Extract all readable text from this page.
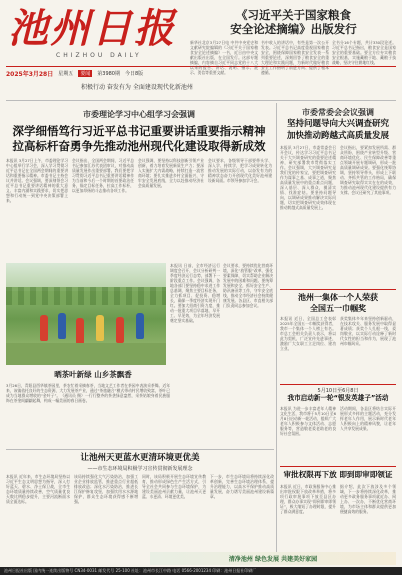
池州日报
CHIZHOU DAILY
2025年3月28日 星期五	要闻	第3980期 今日8版
积极行动 奋发有为 全面建设现代化新池州
《习近平关于国家粮食
安全论述摘编》出版发行
新华社北京3月27日电 中共中央党史和文献研究院编辑的《习近平关于国家粮食安全论述摘编》一书，近日由中央文献出版社出版，在全国发行。这部专题摘编，内容摘自习近平同志党的十八大以来的报告、讲话、说明、指示、批示、贺信等重要文献。
书中收入的讲话中，有些是第一次公开发表。习近平总书记高度重视国家粮食安全，围绕保障国家粮食安全发表一系列重要论述，深刻回答了粮食安全的重大理论和实践问题，为新时代做好粮食安全工作指明了前进方向、提供了根本遵循。
全书分16个专题，共计330段论述。习近平总书记指出，粮食安全是国家安全的重要基础。要全方位夯实粮食安全根基，实施藏粮于地、藏粮于技战略，坚决守住耕地红线。
市委理论学习中心组学习会强调
深学细悟笃行习近平总书记重要讲话重要指示精神
拉高标杆奋勇争先推动池州现代化建设取得新成效
本报讯 3月27日上午，市委理论学习中心组举行学习会，深入学习贯彻习近平总书记在全国两会期间的重要讲话和重要指示精神。市委书记主持会议并讲话。会议强调，要深刻领会习近平总书记重要讲话精神的重大意义、丰富内涵和实践要求，切实把思想和行动统一到党中央决策部署上来。
会议指出，全国两会期间，习近平总书记参加江苏代表团审议，对推动高质量发展作出重要部署。我们要把学习贯彻习近平总书记重要讲话精神作为当前和今后一个时期的首要政治任务，锚定目标任务，拉高工作标杆，以更加昂扬的斗志推动各项工作。
会议强调，要坚持以科技创新引领产业创新，着力培育发展新质生产力；要深入实施扩大内需战略，持续打造一流营商环境；要扎实推进乡村全面振兴，守牢安全发展底线，全力以赴推动经济社会高质量发展。
会议要求，各级领导干部要带头学、深入学、持续学，把学习成果转化为推动发展的实际行动，以奋发有为的精神状态奋力开创现代化美好池州建设新局面。市领导参加学习会。
市委常委会会议强调
坚持问题导向大兴调查研究
加快推动跨越式高质量发展
本报讯 3月27日，市委常委会召开会议，传达学习习近平总书记关于大兴调查研究的重要论述精神，研究部署我市贯彻落实工作。会议强调，大兴调查研究是我们党的传家宝，要把调查研究作为谋事之基、成事之道，聚焦高质量发展中的重点难点问题，深入基层、深入群众，摸清实情、找准症结。要坚持问题导向，以调研成果推动解决实际问题，切实把调查研究成效体现在推动跨越式高质量发展上。
会议指出，要紧扣发展所需、群众所盼，围绕产业转型升级、营商环境优化、民生保障改善等重点领域开展专题调研，形成一批高质量调研成果。要强化统筹协调，坚持领导带头，形成上下联动、齐抓共管的工作格局，确保调查研究取得实实在在的成效，为推动池州现代化建设提供有力支撑。会议还研究了其他事项。
晒茶叶新绿 山乡茶飘香
3月26日，青阳县酉华镇茶园里，茶农忙着采摘春茶，当地文艺工作者在茶园中表演采茶舞。近年来，该镇依托良好的生态资源，大力发展茶产业，通过“茶旅融合”模式带动村民增收致富，茶叶已成为当地群众增收的“金叶子”。（通讯员 摄）一行行整齐的茶垄绿意盎然，采茶姑娘身着民族服饰在茶垄间翩翩起舞，构成一幅美丽的春日画卷。
本报讯 日前，全市经济运行调度会召开，会议分析研判一季度经济运行态势，部署下一阶段重点工作。会议强调，各地各部门要坚持稳中求进工作总基调，聚焦主要目标任务，全力抓项目、促投资、稳增长，确保一季度经济实现开门红。要加大招商引资力度，推动一批重大项目早落地、早开工、早见效，为全年经济发展奠定坚实基础。
会议要求，要持续优化营商环境，深化“放管服”改革，强化要素保障，切实帮助企业解决发展中的困难和问题。要统筹发展和安全，抓好安全生产、防汛备汛等工作，守牢安全底线，推动全市经济社会持续健康发展。各县区、市直相关部门负责同志参加会议。
池州一集体一个人荣获
全国五一巾帼奖
本报讯 近日，全国总工会表彰2025年全国五一巾帼奖获得者，我市一个集体一个人榜上有名。市总工会相关负责人表示，将以此为契机，广泛宣传先进事迹，激励广大女职工立足岗位、建功立业。
获奖集体多年来坚持创新驱动，在技术攻关、服务发展中取得显著成绩；获奖个人扎根一线，爱岗敬业，以实际行动诠释了新时代女性的担当和作为，展现了池州巾帼风采。
5月10日至6月8日
我市启动新一轮“银发英雄子”活动
本报讯 为进一步丰富老年人精神文化生活，我市将于5月10日至6月8日启动新一轮活动，组织广大老年人积极参与文体活动、志愿服务等，营造敬老爱老助老的良好社会氛围。
活动期间，各县区将结合实际开展形式多样的主题活动，充分发挥老年人作用，展示新时代老年人积极向上的精神风貌，让老年人共享发展成果。
审批权限再下放 即到即审即领证
本报讯 近日，市政务服务中心推出审批权限下放改革举措，将多项行政审批事项下放至县区办理，群众办事实现“即到即审即领证”，极大缩短了办理时限，提升了群众满意度。
据介绍，此次下放涉及多个领域，下一步将持续深化改革，推动更多政务服务事项就近办、网上办、一次办，不断优化营商环境，为市场主体和群众提供更加便捷高效的服务。
让池州天更蓝水更清环境更优美
——市生态环境局积极学习宣传贯彻新发展理念
本报讯 近年来，市生态环境局坚持以习近平生态文明思想为指导，深入打好蓝天、碧水、净土保卫战，全市生态环境质量持续改善，空气质量优良天数比例稳步提升，主要河流断面水质全面达标。
该局持续强化大气污染防治，加强工业企业排放监管，推进重点行业超低排放改造；深化水污染防治，推进长江保护修复攻坚，加强饮用水水源地保护，群众生态环境获得感不断增强。
同时，该局积极开展生态环境宣传教育，推动形成绿色生产生活方式，引导全社会共同参与生态环境保护，为建设美丽池州贡献力量，让池州天更蓝、水更清、环境更优美。
下一步，市生态环境局将持续深化改革创新，完善生态环境治理体系，提升治理能力，以高水平保护推动高质量发展，奋力谱写美丽池州建设新篇章。
清净池州 绿色发展 共建美好家园
池州日报社出版 国内统一连续出版物号 CN34-0031 邮发代号 25-100 社址：池州市长江中路 电话 0566-2001234 印刷：池州日报社印刷厂
